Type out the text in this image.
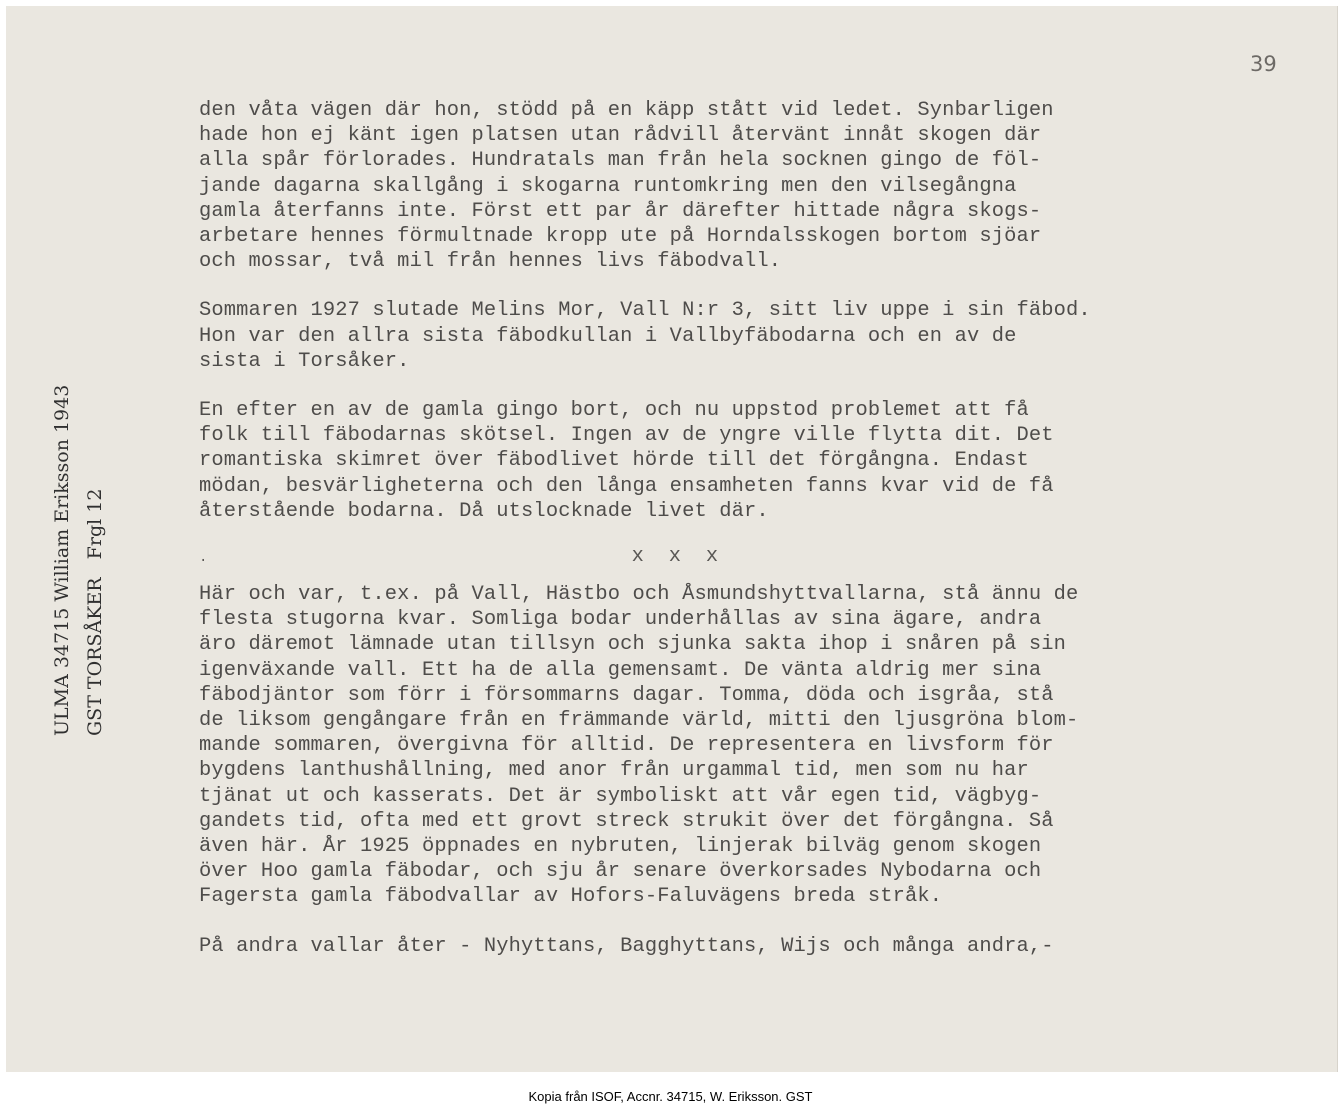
39
ULMA 34715 William Eriksson 1943 GST TORSÅKER   Frgl 12
den våta vägen där hon, stödd på en käpp stått vid ledet. Synbarligen
hade hon ej känt igen platsen utan rådvill återvänt innåt skogen där
alla spår förlorades. Hundratals man från hela socknen gingo de föl-
jande dagarna skallgång i skogarna runtomkring men den vilsegångna
gamla återfanns inte. Först ett par år därefter hittade några skogs-
arbetare hennes förmultnade kropp ute på Horndalsskogen bortom sjöar
och mossar, två mil från hennes livs fäbodvall.
Sommaren 1927 slutade Melins Mor, Vall N:r 3, sitt liv uppe i sin fäbod.
Hon var den allra sista fäbodkullan i Vallbyfäbodarna och en av de
sista i Torsåker.
En efter en av de gamla gingo bort, och nu uppstod problemet att få
folk till fäbodarnas skötsel. Ingen av de yngre ville flytta dit. Det
romantiska skimret över fäbodlivet hörde till det förgångna. Endast
mödan, besvärligheterna och den långa ensamheten fanns kvar vid de få
återstående bodarna. Då utslocknade livet där.
.	x  x  x
Här och var, t.ex. på Vall, Hästbo och Åsmundshyttvallarna, stå ännu de
flesta stugorna kvar. Somliga bodar underhållas av sina ägare, andra
äro däremot lämnade utan tillsyn och sjunka sakta ihop i snåren på sin
igenväxande vall. Ett ha de alla gemensamt. De vänta aldrig mer sina
fäbodjäntor som förr i försommarns dagar. Tomma, döda och isgråa, stå
de liksom gengångare från en främmande värld, mitti den ljusgröna blom-
mande sommaren, övergivna för alltid. De representera en livsform för
bygdens lanthushållning, med anor från urgammal tid, men som nu har
tjänat ut och kasserats. Det är symboliskt att vår egen tid, vägbyg-
gandets tid, ofta med ett grovt streck strukit över det förgångna. Så
även här. År 1925 öppnades en nybruten, linjerak bilväg genom skogen
över Hoo gamla fäbodar, och sju år senare överkorsades Nybodarna och
Fagersta gamla fäbodvallar av Hofors-Faluvägens breda stråk.
På andra vallar åter - Nyhyttans, Bagghyttans, Wijs och många andra,-
Kopia från ISOF, Accnr. 34715, W. Eriksson. GST
